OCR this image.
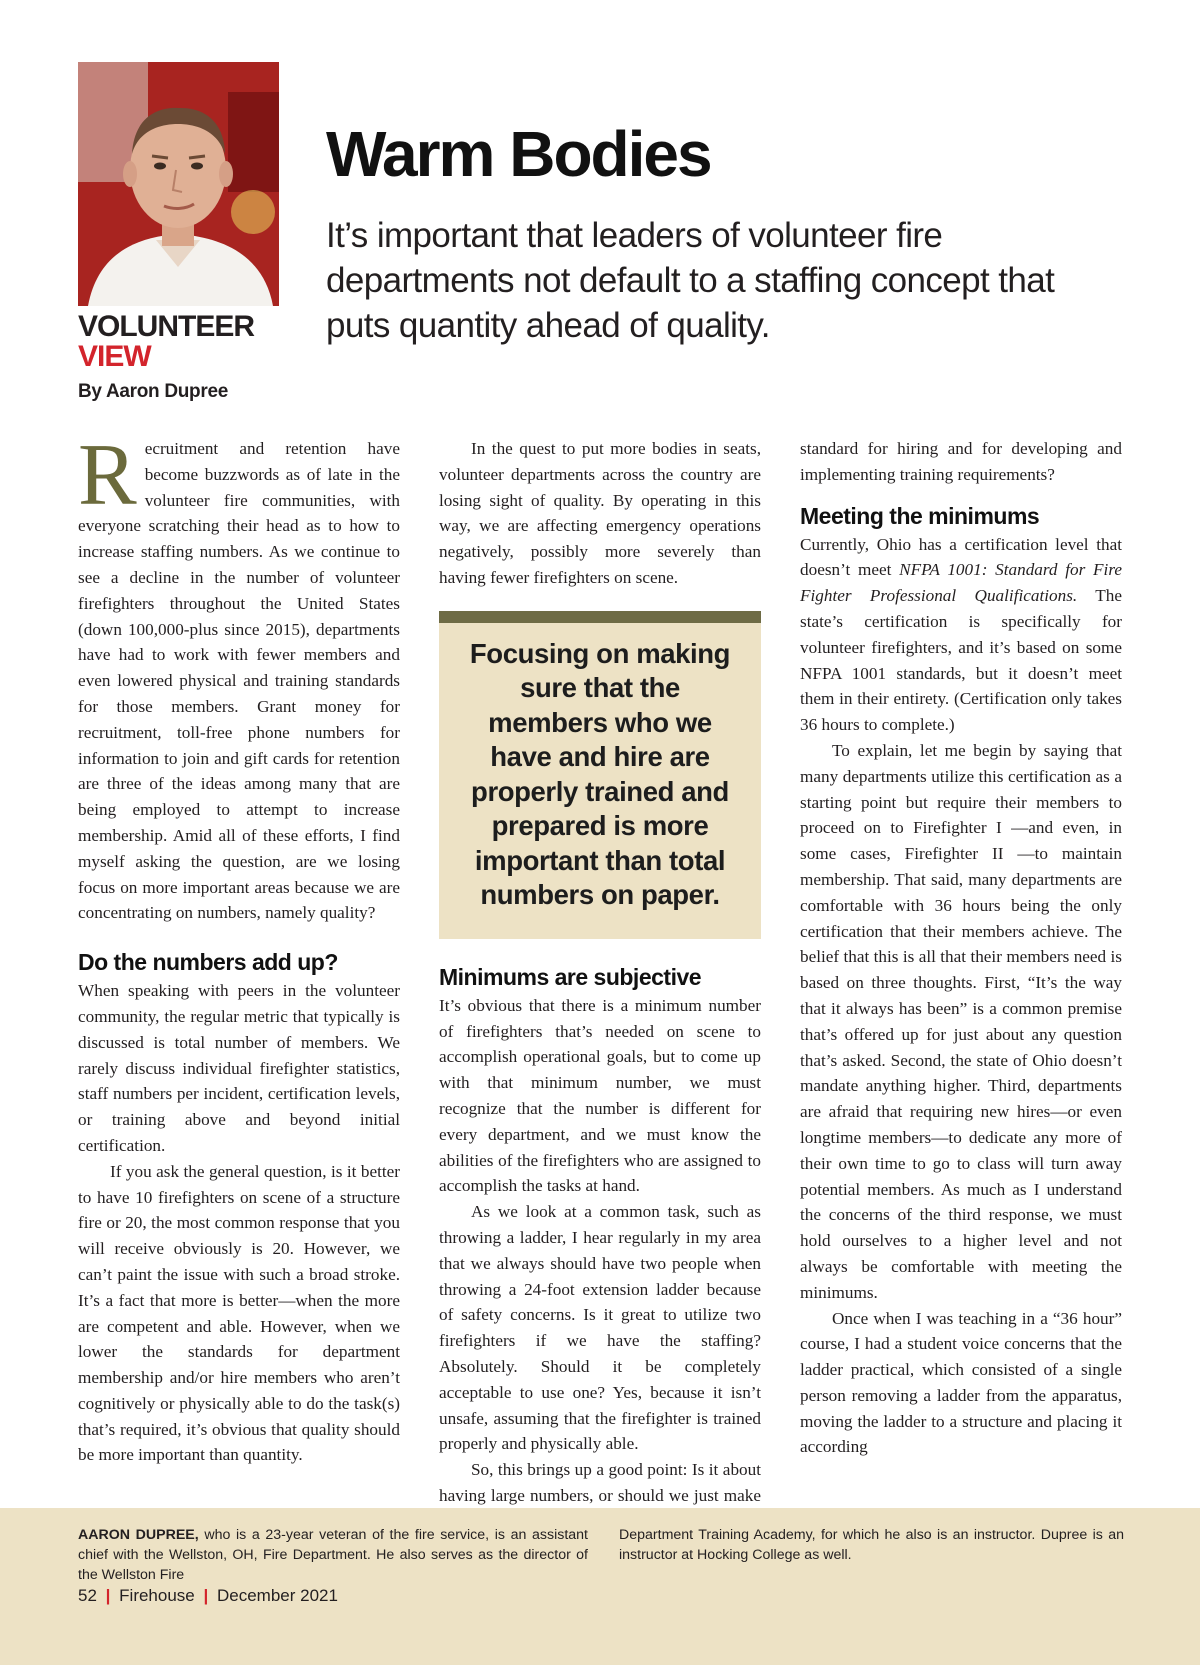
VOLUNTEER
VIEW
By Aaron Dupree
Warm Bodies
It’s important that leaders of volunteer fire departments not default to a staffing concept that puts quantity ahead of quality.

Recruitment and retention have become buzzwords as of late in the volunteer fire communities, with everyone scratching their head as to how to increase staffing numbers. As we continue to see a decline in the number of volunteer firefighters throughout the United States (down 100,000-plus since 2015), departments have had to work with fewer members and even lowered physical and training standards for those members. Grant money for recruitment, toll-free phone numbers for information to join and gift cards for retention are three of the ideas among many that are being employed to attempt to increase membership. Amid all of these efforts, I find myself asking the question, are we losing focus on more important areas because we are concentrating on numbers, namely quality?

Do the numbers add up?

When speaking with peers in the volunteer community, the regular metric that typically is discussed is total number of members. We rarely discuss individual firefighter statistics, staff numbers per incident, certification levels, or training above and beyond initial certification.

If you ask the general question, is it better to have 10 firefighters on scene of a structure fire or 20, the most common response that you will receive obviously is 20. However, we can’t paint the issue with such a broad stroke. It’s a fact that more is better—when the more are competent and able. However, when we lower the standards for department membership and/or hire members who aren’t cognitively or physically able to do the task(s) that’s required, it’s obvious that quality should be more important than quantity.

In the quest to put more bodies in seats, volunteer departments across the country are losing sight of quality. By operating in this way, we are affecting emergency operations negatively, possibly more severely than having fewer firefighters on scene.

Focusing on making sure that the members who we have and hire are properly trained and prepared is more important than total numbers on paper.
Minimums are subjective

It’s obvious that there is a minimum number of firefighters that’s needed on scene to accomplish operational goals, but to come up with that minimum number, we must recognize that the number is different for every department, and we must know the abilities of the firefighters who are assigned to accomplish the tasks at hand.

As we look at a common task, such as throwing a ladder, I hear regularly in my area that we always should have two people when throwing a 24-foot extension ladder because of safety concerns. Is it great to utilize two firefighters if we have the staffing? Absolutely. Should it be completely acceptable to use one? Yes, because it isn’t unsafe, assuming that the firefighter is trained properly and physically able.

So, this brings up a good point: Is it about having large numbers, or should we just make

standard for hiring and for developing and implementing training requirements?

Meeting the minimums

Currently, Ohio has a certification level that doesn’t meet NFPA 1001: Standard for Fire Fighter Professional Qualifications. The state’s certification is specifically for volunteer firefighters, and it’s based on some NFPA 1001 standards, but it doesn’t meet them in their entirety. (Certification only takes 36 hours to complete.)

To explain, let me begin by saying that many departments utilize this certification as a starting point but require their members to proceed on to Firefighter I —and even, in some cases, Firefighter II —to maintain membership. That said, many departments are comfortable with 36 hours being the only certification that their members achieve. The belief that this is all that their members need is based on three thoughts. First, “It’s the way that it always has been” is a common premise that’s offered up for just about any question that’s asked. Second, the state of Ohio doesn’t mandate anything higher. Third, departments are afraid that requiring new hires—or even longtime members—to dedicate any more of their own time to go to class will turn away potential members. As much as I understand the concerns of the third response, we must hold ourselves to a higher level and not always be comfortable with meeting the minimums.

Once when I was teaching in a “36 hour” course, I had a student voice concerns that the ladder practical, which consisted of a single person removing a ladder from the apparatus, moving the ladder to a structure and placing it according

AARON DUPREE, who is a 23-year veteran of the fire service, is an assistant chief with the Wellston, OH, Fire Department. He also serves as the director of the Wellston Fire
Department Training Academy, for which he also is an instructor. Dupree is an instructor at Hocking College as well.
52 | Firehouse | December 2021
